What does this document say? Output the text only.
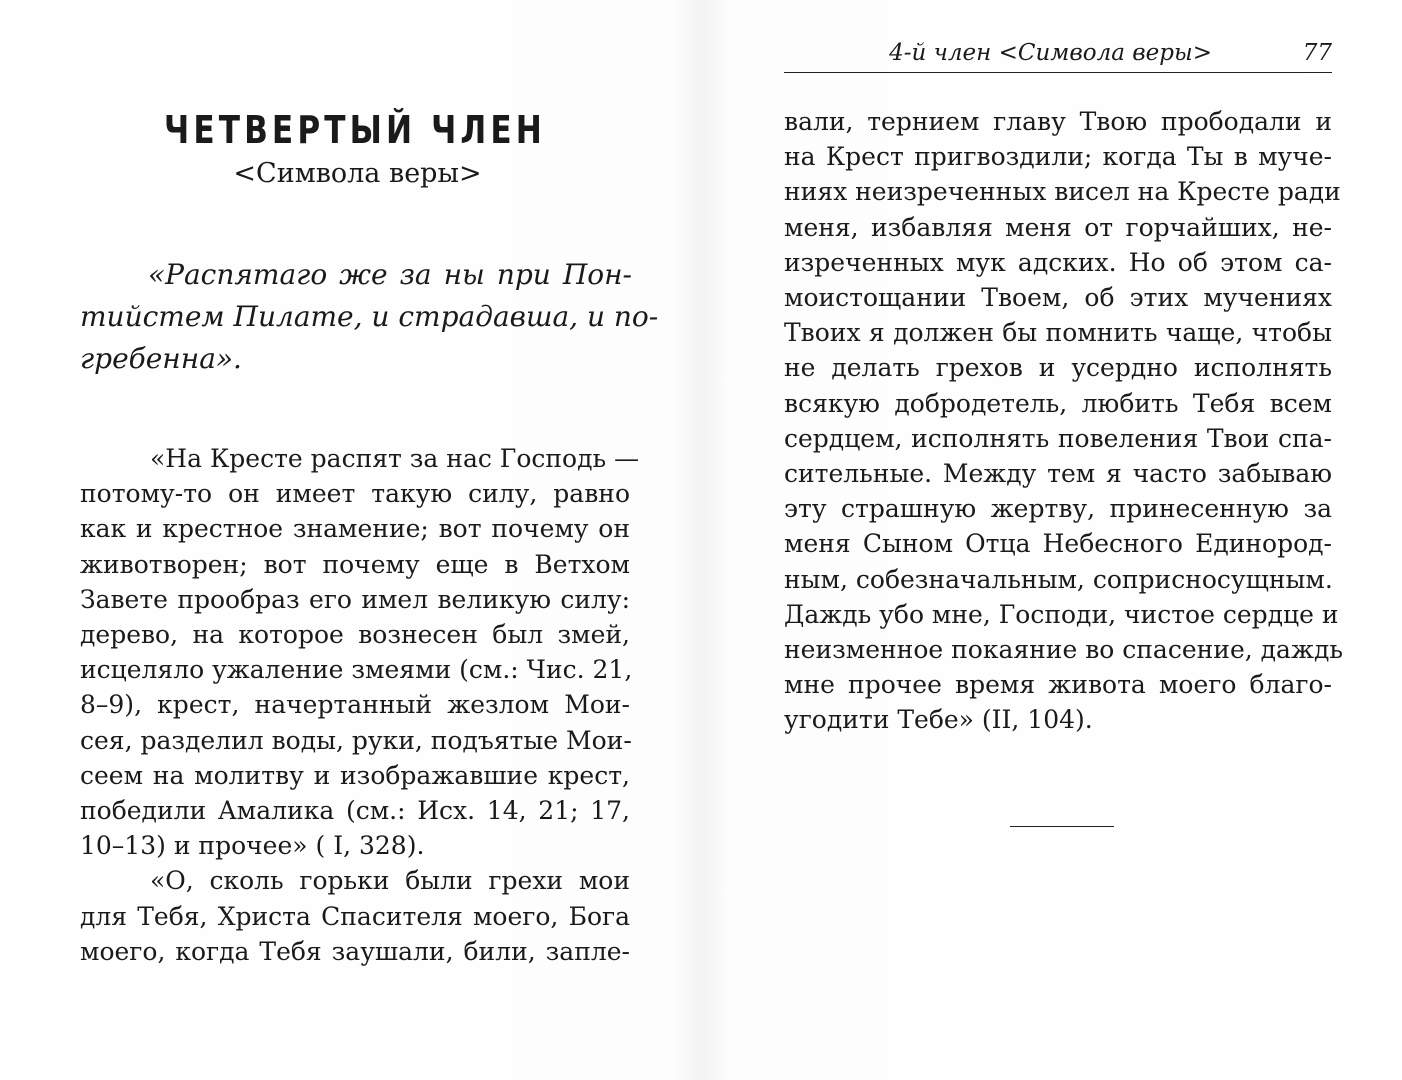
ЧЕТВЕРТЫЙ ЧЛЕН
<Символа веры>
«Распятаго же за ны при Пон-
тийстем Пилате, и страдавша, и по-
гребенна».
«На Кресте распят за нас Господь —
потому-то он имеет такую силу, равно
как и крестное знамение; вот почему он
животворен; вот почему еще в Ветхом
Завете прообраз его имел великую силу:
дерево, на которое вознесен был змей,
исцеляло ужаление змеями (см.: Чис. 21,
8–9), крест, начертанный жезлом Мои-
сея, разделил воды, руки, подъятые Мои-
сеем на молитву и изображавшие крест,
победили Амалика (см.: Исх. 14, 21; 17,
10–13) и прочее» ( I, 328).
«О, сколь горьки были грехи мои
для Тебя, Христа Спасителя моего, Бога
моего, когда Тебя заушали, били, запле-
4-й член <Символа веры>	77
вали, тернием главу Твою прободали и
на Крест пригвоздили; когда Ты в муче-
ниях неизреченных висел на Кресте ради
меня, избавляя меня от горчайших, не-
изреченных мук адских. Но об этом са-
моистощании Твоем, об этих мучениях
Твоих я должен бы помнить чаще, чтобы
не делать грехов и усердно исполнять
всякую добродетель, любить Тебя всем
сердцем, исполнять повеления Твои спа-
сительные. Между тем я часто забываю
эту страшную жертву, принесенную за
меня Сыном Отца Небесного Единород-
ным, собезначальным, соприсносущным.
Даждь убо мне, Господи, чистое сердце и
неизменное покаяние во спасение, даждь
мне прочее время живота моего благо-
угодити Тебе» (II, 104).
